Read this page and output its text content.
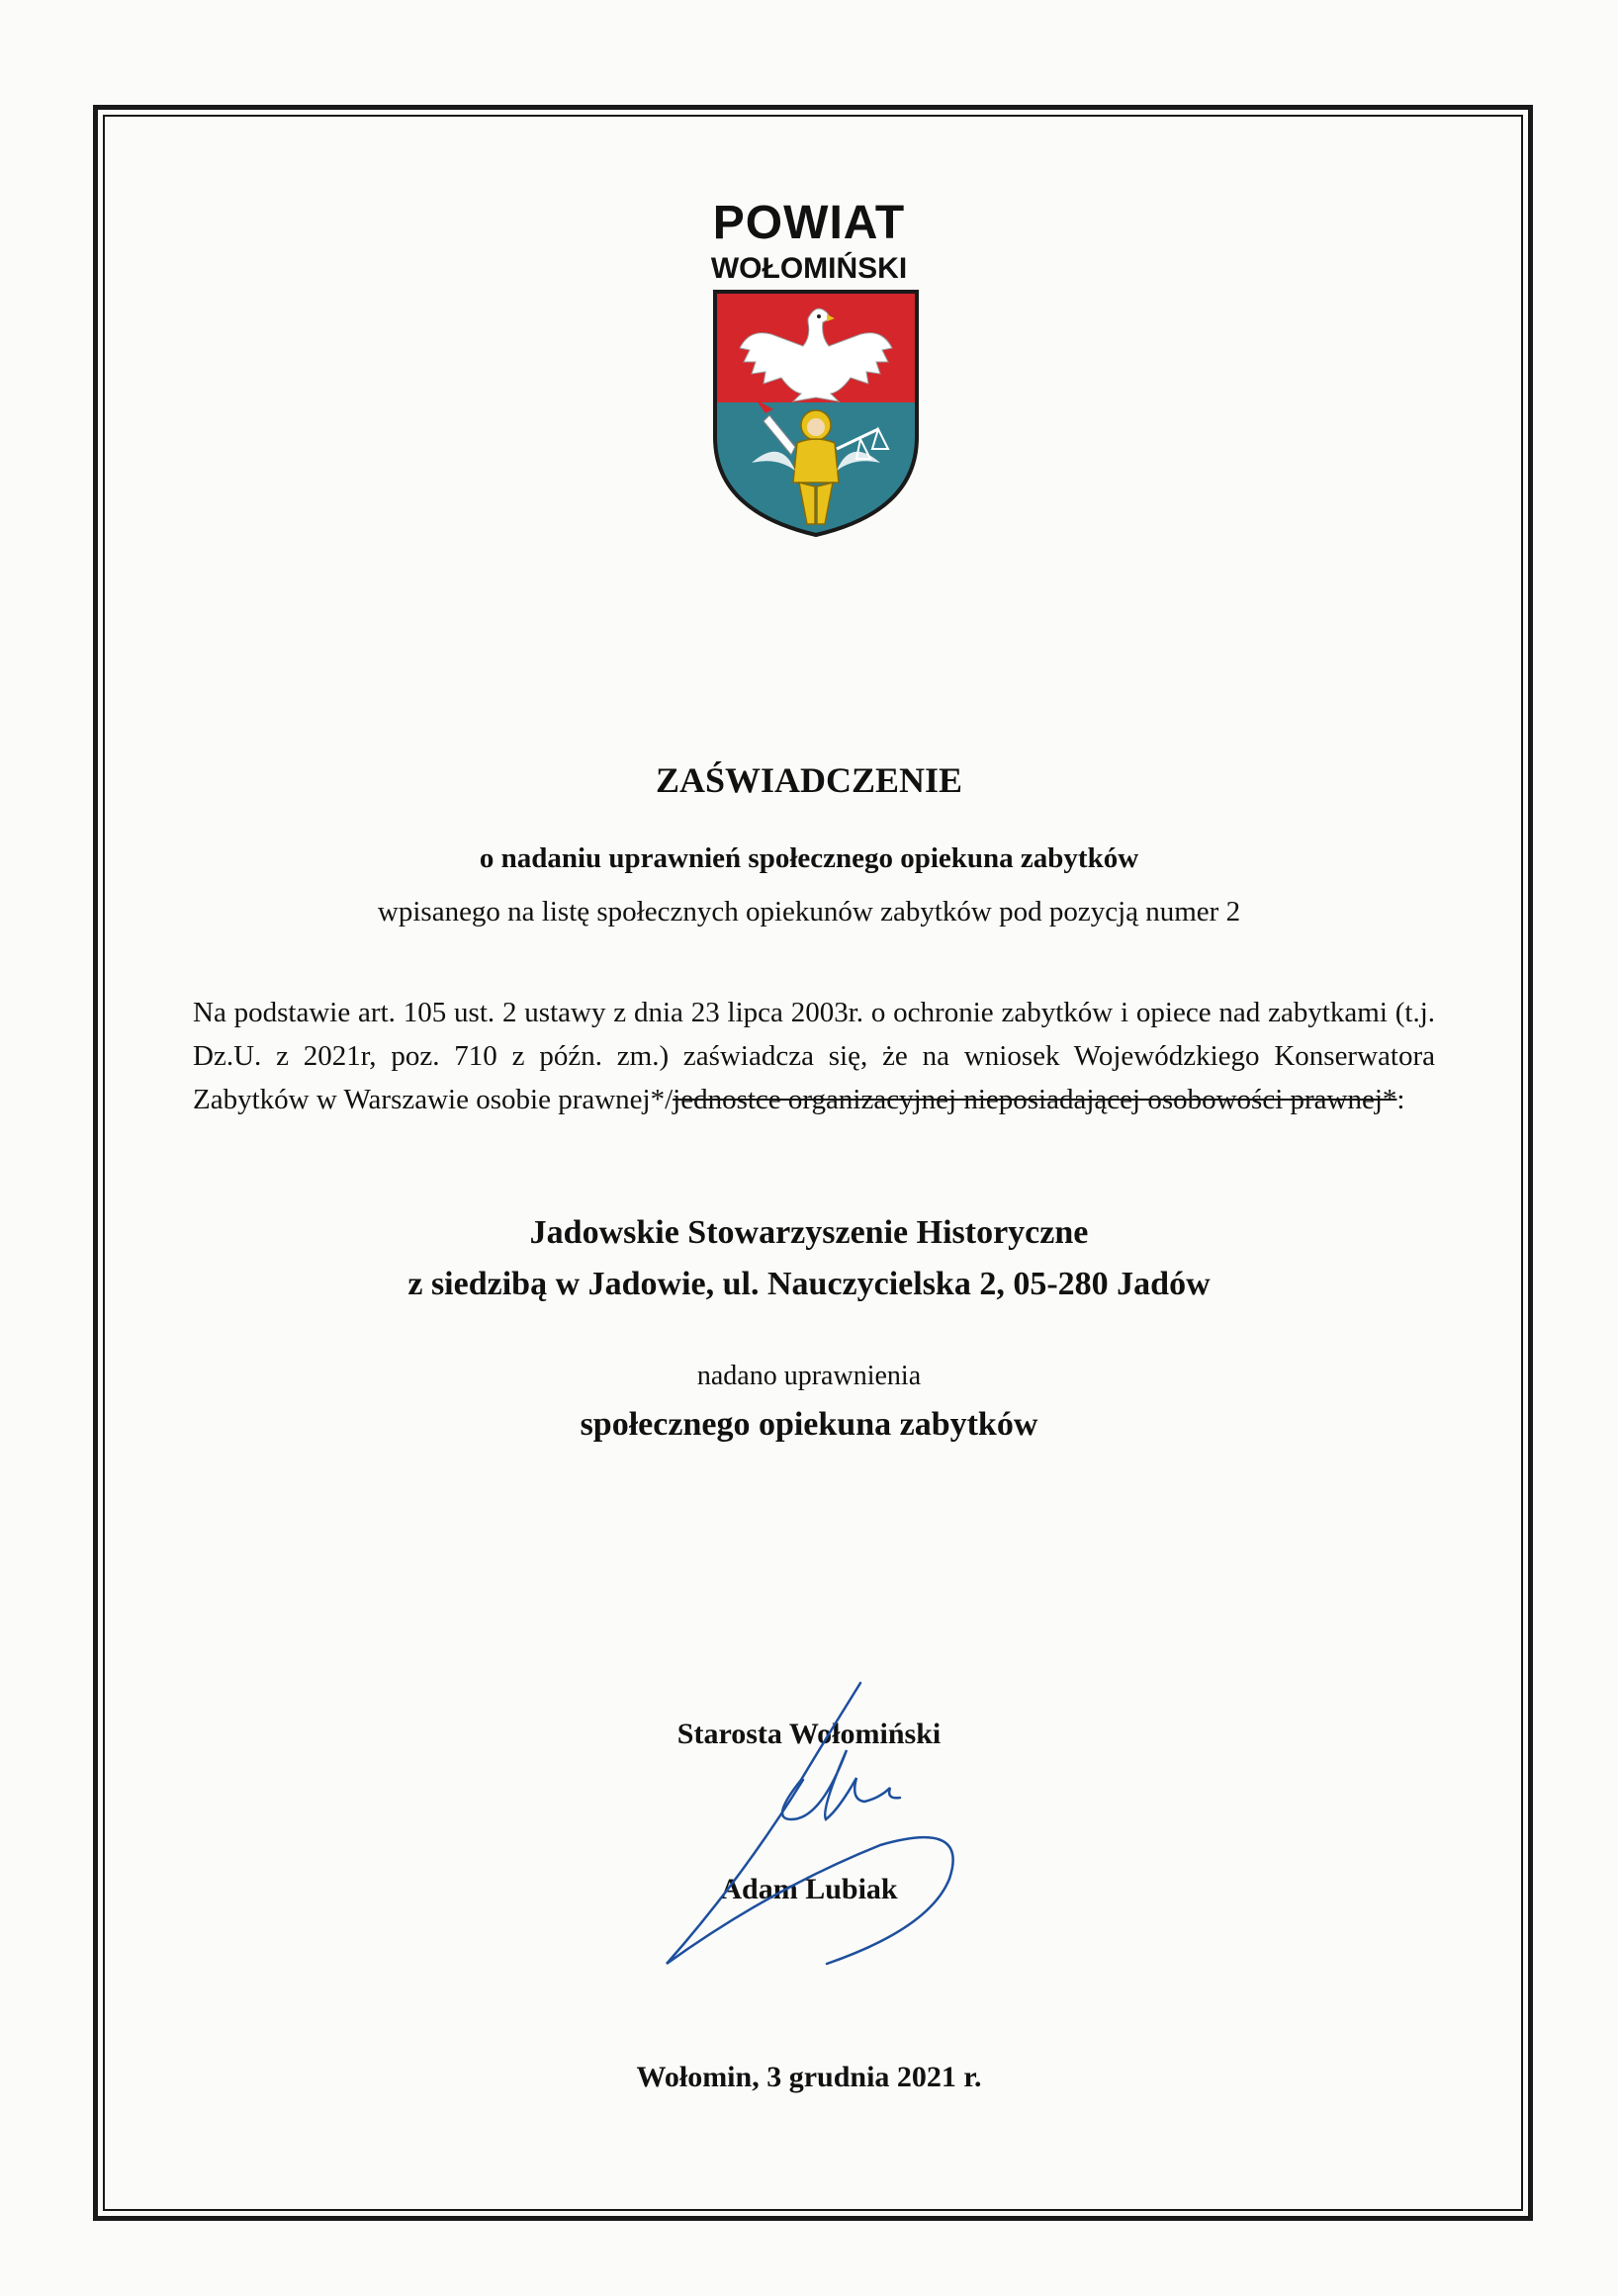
POWIAT
WOŁOMIŃSKI
ZAŚWIADCZENIE
o nadaniu uprawnień społecznego opiekuna zabytków
wpisanego na listę społecznych opiekunów zabytków pod pozycją numer 2
Na podstawie art. 105 ust. 2 ustawy z dnia 23 lipca 2003r. o ochronie zabytków i opiece nad zabytkami (t.j. Dz.U. z 2021r, poz. 710 z późn. zm.) zaświadcza się, że na wniosek Wojewódzkiego Konserwatora Zabytków w Warszawie osobie prawnej*/jednostce organizacyjnej nieposiadającej osobowości prawnej*:
Jadowskie Stowarzyszenie Historyczne
z siedzibą w Jadowie, ul. Nauczycielska 2, 05-280 Jadów
nadano uprawnienia
społecznego opiekuna zabytków
Starosta Wołomiński
Adam Lubiak
Wołomin, 3 grudnia 2021 r.
